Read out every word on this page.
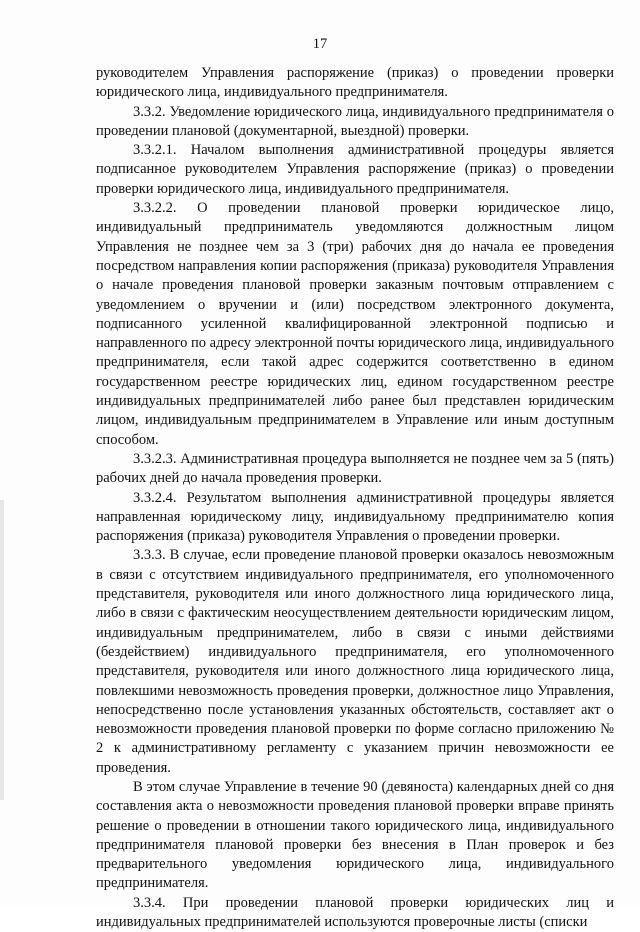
17

руководителем Управления распоряжение (приказ) о проведении проверки юридического лица, индивидуального предпринимателя.

3.3.2. Уведомление юридического лица, индивидуального предпринимателя о проведении плановой (документарной, выездной) проверки.

3.3.2.1. Началом выполнения административной процедуры является подписанное руководителем Управления распоряжение (приказ) о проведении проверки юридического лица, индивидуального предпринимателя.

3.3.2.2. О проведении плановой проверки юридическое лицо, индивидуальный предприниматель уведомляются должностным лицом Управления не позднее чем за 3 (три) рабочих дня до начала ее проведения посредством направления копии распоряжения (приказа) руководителя Управления о начале проведения плановой проверки заказным почтовым отправлением с уведомлением о вручении и (или) посредством электронного документа, подписанного усиленной квалифицированной электронной подписью и направленного по адресу электронной почты юридического лица, индивидуального предпринимателя, если такой адрес содержится соответственно в едином государственном реестре юридических лиц, едином государственном реестре индивидуальных предпринимателей либо ранее был представлен юридическим лицом, индивидуальным предпринимателем в Управление или иным доступным способом.

3.3.2.3. Административная процедура выполняется не позднее чем за 5 (пять) рабочих дней до начала проведения проверки.

3.3.2.4. Результатом выполнения административной процедуры является направленная юридическому лицу, индивидуальному предпринимателю копия распоряжения (приказа) руководителя Управления о проведении проверки.

3.3.3. В случае, если проведение плановой проверки оказалось невозможным в связи с отсутствием индивидуального предпринимателя, его уполномоченного представителя, руководителя или иного должностного лица юридического лица, либо в связи с фактическим неосуществлением деятельности юридическим лицом, индивидуальным предпринимателем, либо в связи с иными действиями (бездействием) индивидуального предпринимателя, его уполномоченного представителя, руководителя или иного должностного лица юридического лица, повлекшими невозможность проведения проверки, должностное лицо Управления, непосредственно после установления указанных обстоятельств, составляет акт о невозможности проведения плановой проверки по форме согласно приложению № 2 к административному регламенту с указанием причин невозможности ее проведения.

В этом случае Управление в течение 90 (девяноста) календарных дней со дня составления акта о невозможности проведения плановой проверки вправе принять решение о проведении в отношении такого юридического лица, индивидуального предпринимателя плановой проверки без внесения в План проверок и без предварительного уведомления юридического лица, индивидуального предпринимателя.

3.3.4. При проведении плановой проверки юридических лиц и индивидуальных предпринимателей используются проверочные листы (списки
